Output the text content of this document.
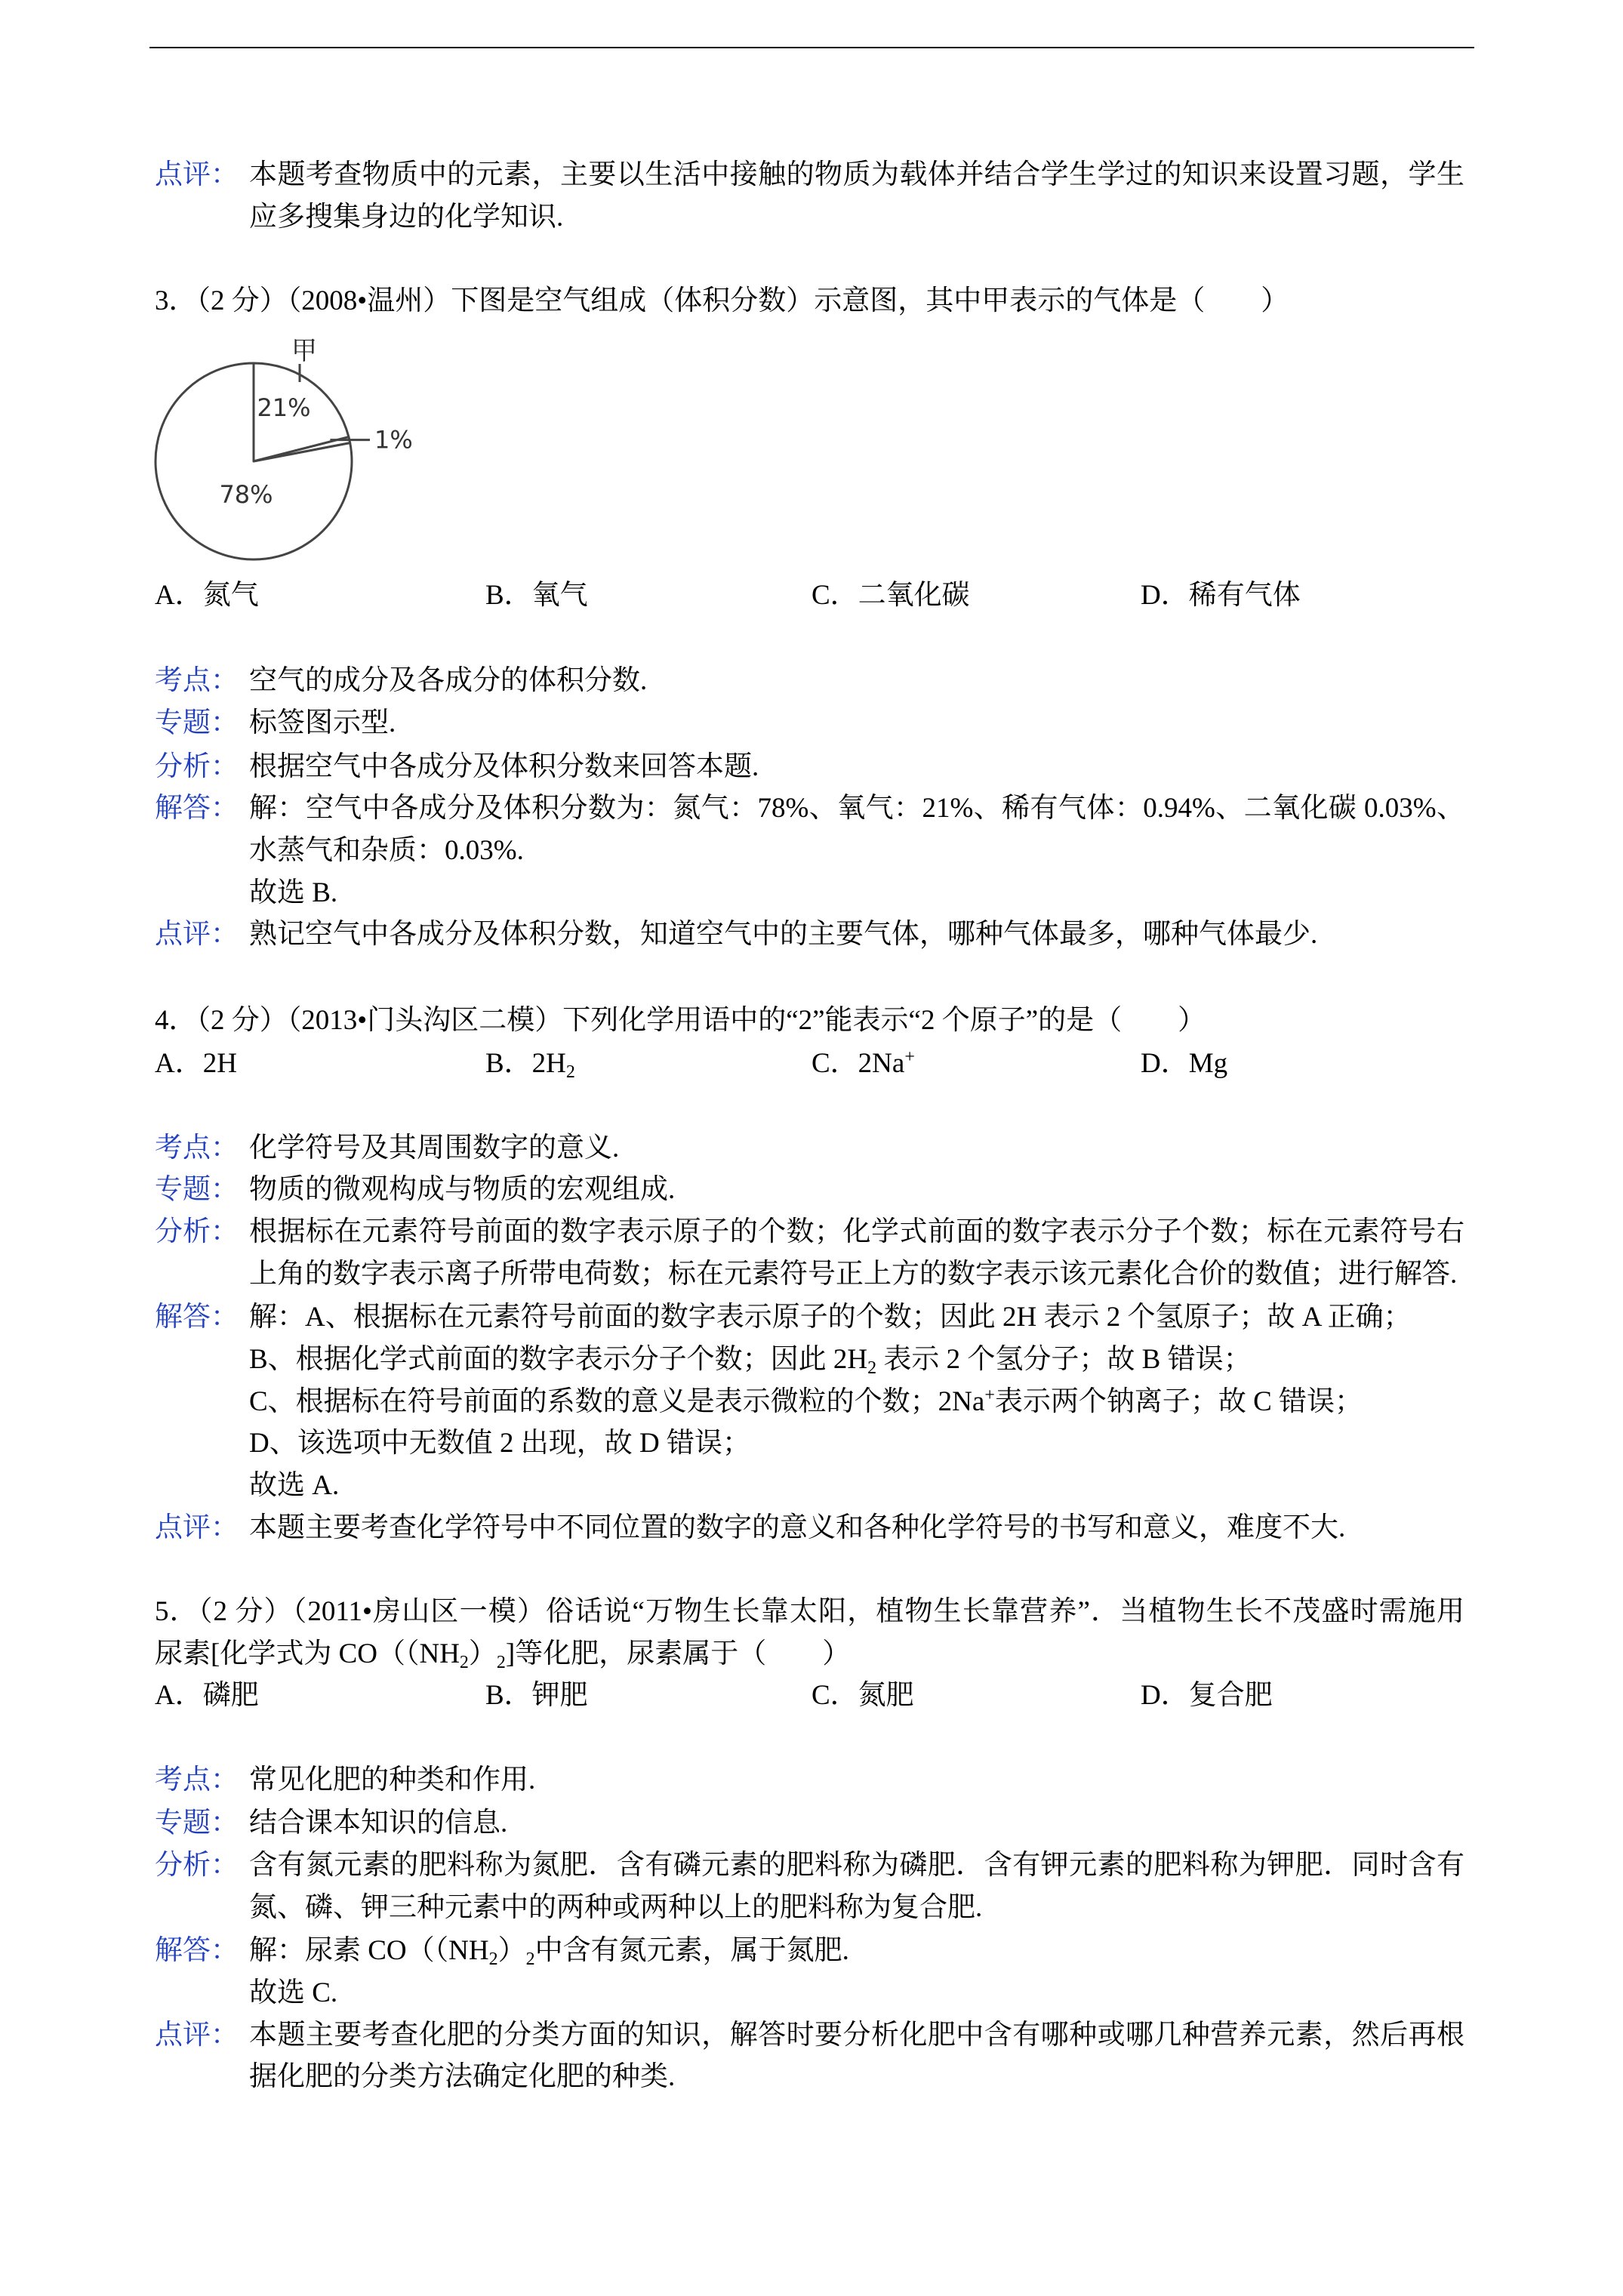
点评： 本题考查物质中的元素，主要以生活中接触的物质为载体并结合学生学过的知识来设置习题，学生
应多搜集身边的化学知识.
3．（2 分）（2008•温州）下图是空气组成（体积分数）示意图，其中甲表示的气体是（　　）
甲
21%
1%
78%
A．氮气	B．氧气	C．二氧化碳	D．稀有气体
考点： 空气的成分及各成分的体积分数.
专题： 标签图示型.
分析： 根据空气中各成分及体积分数来回答本题.
解答： 解：空气中各成分及体积分数为：氮气：78%、氧气：21%、稀有气体：0.94%、二氧化碳 0.03%、
水蒸气和杂质：0.03%.
故选 B.
点评： 熟记空气中各成分及体积分数，知道空气中的主要气体，哪种气体最多，哪种气体最少.
4．（2 分）（2013•门头沟区二模）下列化学用语中的“2”能表示“2 个原子”的是（　　）
A．2H	B．$2H_2$	C．2Na+	D．Mg
考点： 化学符号及其周围数字的意义.
专题： 物质的微观构成与物质的宏观组成.
分析： 根据标在元素符号前面的数字表示原子的个数；化学式前面的数字表示分子个数；标在元素符号右
上角的数字表示离子所带电荷数；标在元素符号正上方的数字表示该元素化合价的数值；进行解答.
解答： 解：A、根据标在元素符号前面的数字表示原子的个数；因此 2H 表示 2 个氢原子；故 A 正确；
B、根据化学式前面的数字表示分子个数；因此 $2H_2$ 表示 2 个氢分子；故 B 错误；
C、根据标在符号前面的系数的意义是表示微粒的个数；2Na+表示两个钠离子；故 C 错误；
D、该选项中无数值 2 出现，故 D 错误；
故选 A.
点评： 本题主要考查化学符号中不同位置的数字的意义和各种化学符号的书写和意义，难度不大.
5．（2 分）（2011•房山区一模）俗话说“万物生长靠太阳，植物生长靠营养”．当植物生长不茂盛时需施用
尿素[化学式为 $CO((NH_2)_2]$等化肥，尿素属于（　　）
A．磷肥	B．钾肥	C．氮肥	D．复合肥
考点： 常见化肥的种类和作用.
专题： 结合课本知识的信息.
分析： 含有氮元素的肥料称为氮肥．含有磷元素的肥料称为磷肥．含有钾元素的肥料称为钾肥．同时含有
氮、磷、钾三种元素中的两种或两种以上的肥料称为复合肥.
解答： 解：尿素 $CO((NH_2)_2$中含有氮元素，属于氮肥.
故选 C.
点评： 本题主要考查化肥的分类方面的知识，解答时要分析化肥中含有哪种或哪几种营养元素，然后再根
据化肥的分类方法确定化肥的种类.
